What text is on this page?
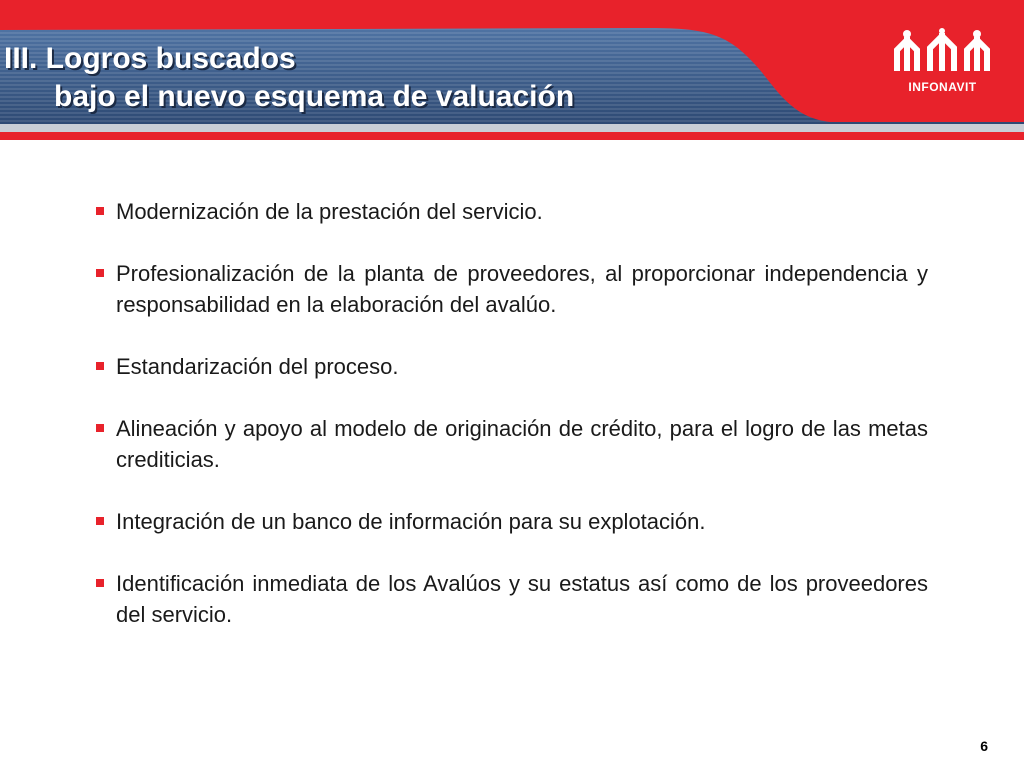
III. Logros buscados
bajo el nuevo esquema de valuación	INFONAVIT
Modernización de la prestación del servicio.
Profesionalización de la planta de proveedores, al proporcionar independencia y responsabilidad en la elaboración del avalúo.
Estandarización del proceso.
Alineación y apoyo al modelo de originación de crédito, para el logro de las metas crediticias.
Integración de un banco de información para su explotación.
Identificación inmediata de los Avalúos y su estatus así como de los proveedores del servicio.
6
